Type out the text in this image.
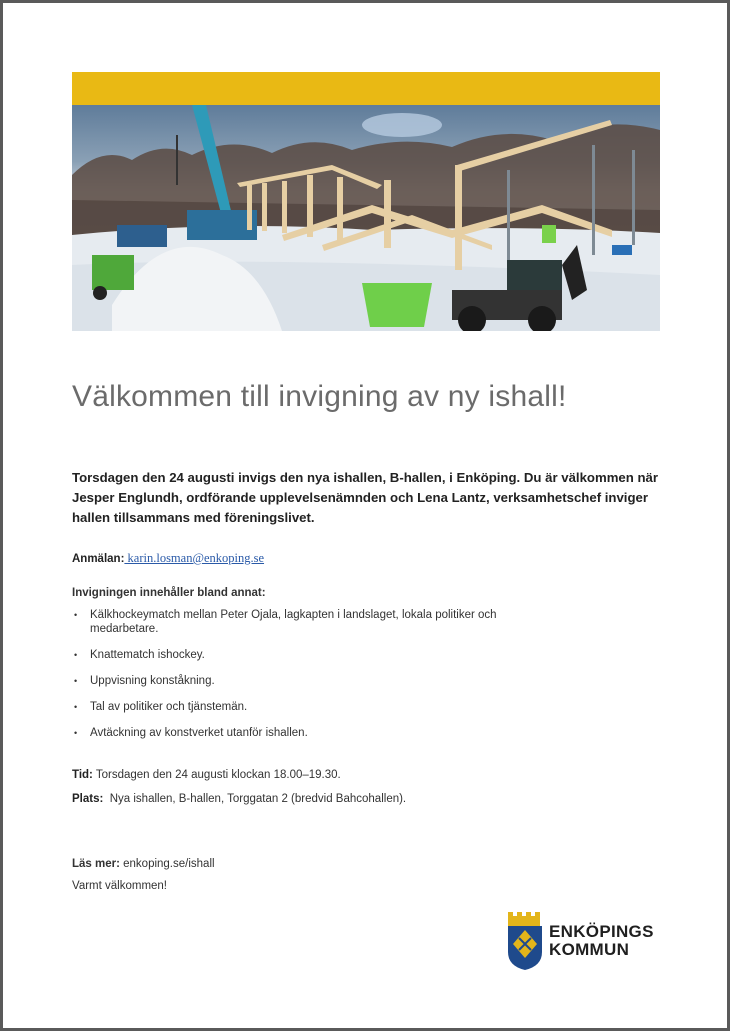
Välkommen till invigning av ny ishall!

Torsdagen den 24 augusti invigs den nya ishallen, B-hallen, i Enköping. Du är välkommen när Jesper Englundh, ordförande upplevelsenämnden och Lena Lantz, verksamhetschef inviger hallen tillsammans med föreningslivet.

Anmälan: karin.losman@enkoping.se
Invigningen innehåller bland annat:
• Kälkhockeymatch mellan Peter Ojala, lagkapten i landslaget, lokala politiker och medarbetare.
• Knattematch ishockey.
• Uppvisning konståkning.
• Tal av politiker och tjänstemän.
• Avtäckning av konstverket utanför ishallen.
Tid: Torsdagen den 24 augusti klockan 18.00–19.30.
Plats:  Nya ishallen, B-hallen, Torggatan 2 (bredvid Bahcohallen).
Läs mer: enkoping.se/ishall
Varmt välkommen!
ENKÖPINGS
KOMMUN
